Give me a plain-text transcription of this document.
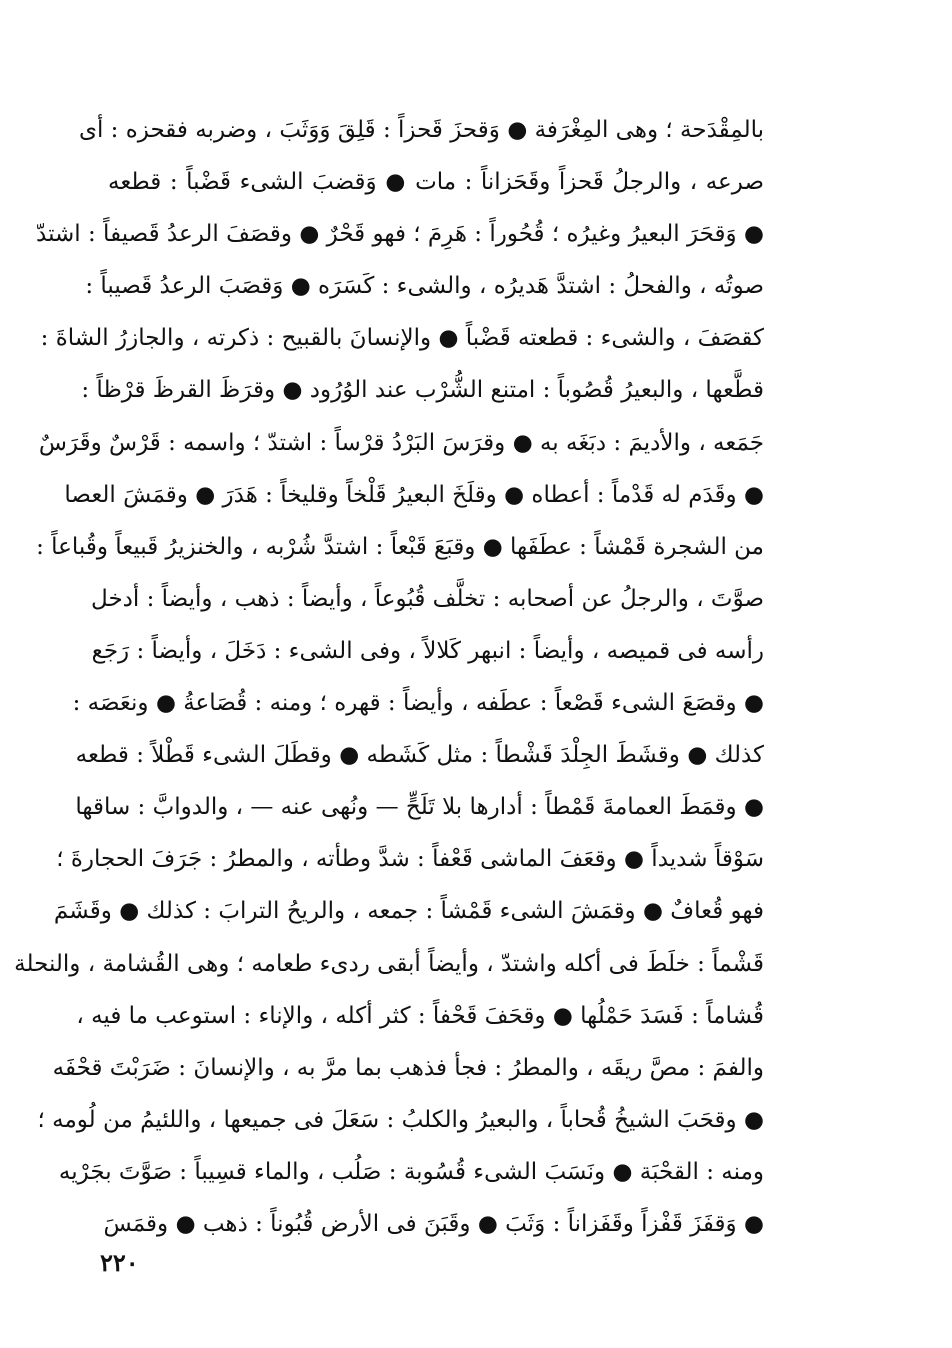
بالمِقْدَحة ؛ وهى المِغْرَفة ● وَقحزَ قَحزاً : قَلِقَ وَوَثَبَ ، وضربه فقحزه : أى
صرعه ، والرجلُ قَحزاً وقَحَزاناً : مات ● وَقضبَ الشىء قَضْباً : قطعه
● وَقحَرَ البعيرُ وغيرُه ؛ قُحُوراً : هَرِمَ ؛ فهو قَحْرٌ ● وقصَفَ الرعدُ قَصيفاً : اشتدّ
صوتُه ، والفحلُ : اشتدَّ هَديرُه ، والشىء : كَسَرَه ● وَقصَبَ الرعدُ قَصيباً :
كقصَفَ ، والشىء : قطعته قَضْباً ● والإنسانَ بالقبيح : ذكرته ، والجازرُ الشاةَ :
قطَّعها ، والبعيرُ قُصُوباً : امتنع الشُّرْب عند الوُرُود ● وقرَظَ القرظَ قرْظاً :
جَمَعه ، والأديمَ : دبَغَه به ● وقرَسَ البَرْدُ قرْساً : اشتدّ ؛ واسمه : قَرْسٌ وقَرَسٌ
● وقَدَم له قَدْماً : أعطاه ● وقلَخَ البعيرُ قَلْخاً وقليخاً : هَدَرَ ● وقمَشَ العصا
من الشجرة قَمْشاً : عطَفَها ● وقبَعَ قَبْعاً : اشتدَّ شُرْبه ، والخنزيرُ قَبيعاً وقُباعاً :
صوَّتَ ، والرجلُ عن أصحابه : تخلَّف قُبُوعاً ، وأيضاً : ذهب ، وأيضاً : أدخل
رأسه فى قميصه ، وأيضاً : انبهر كَلالاً ، وفى الشىء : دَخَلَ ، وأيضاً : رَجَع
● وقصَعَ الشىء قَصْعاً : عطَفه ، وأيضاً : قهره ؛ ومنه : قُصَاعةُ ● ونعَصَه :
كذلك ● وقشَطَ الجِلْدَ قَشْطاً : مثل كَشَطه ● وقطَلَ الشىء قَطْلاً : قطعه
● وقمَطَ العمامةَ قَمْطاً : أدارها بلا تَلَحٍّ — ونُهى عنه — ، والدوابَّ : ساقها
سَوْقاً شديداً ● وقعَفَ الماشى قَعْفاً : شدَّ وطأته ، والمطرُ : جَرَفَ الحجارةَ ؛
فهو قُعافٌ ● وقمَشَ الشىء قَمْشاً : جمعه ، والريحُ الترابَ : كذلك ● وقَشَمَ
قَشْماً : خلَطَ فى أكله واشتدّ ، وأيضاً أبقى ردىء طعامه ؛ وهى القُشامة ، والنحلة
قُشاماً : فَسَدَ حَمْلُها ● وقحَفَ قَحْفاً : كثر أكله ، والإناء : استوعب ما فيه ،
والفمَ : مصَّ ريقَه ، والمطرُ : فجأ فذهب بما مرَّ به ، والإنسانَ : ضَرَبْتَ قحْفَه
● وقحَبَ الشيخُ قُحاباً ، والبعيرُ والكلبُ : سَعَلَ فى جميعها ، واللئيمُ من لُومه ؛
ومنه : القحْبَة ● ونَسَبَ الشىء قُسُوبة : صَلُب ، والماء قسِيباً : صَوَّتَ بجَرْيه
● وَقفَزَ قَفْزاً وقَفَزاناً : وَثَبَ ● وقَبَنَ فى الأرض قُبُوناً : ذهب ● وقمَسَ
٢٢٠
